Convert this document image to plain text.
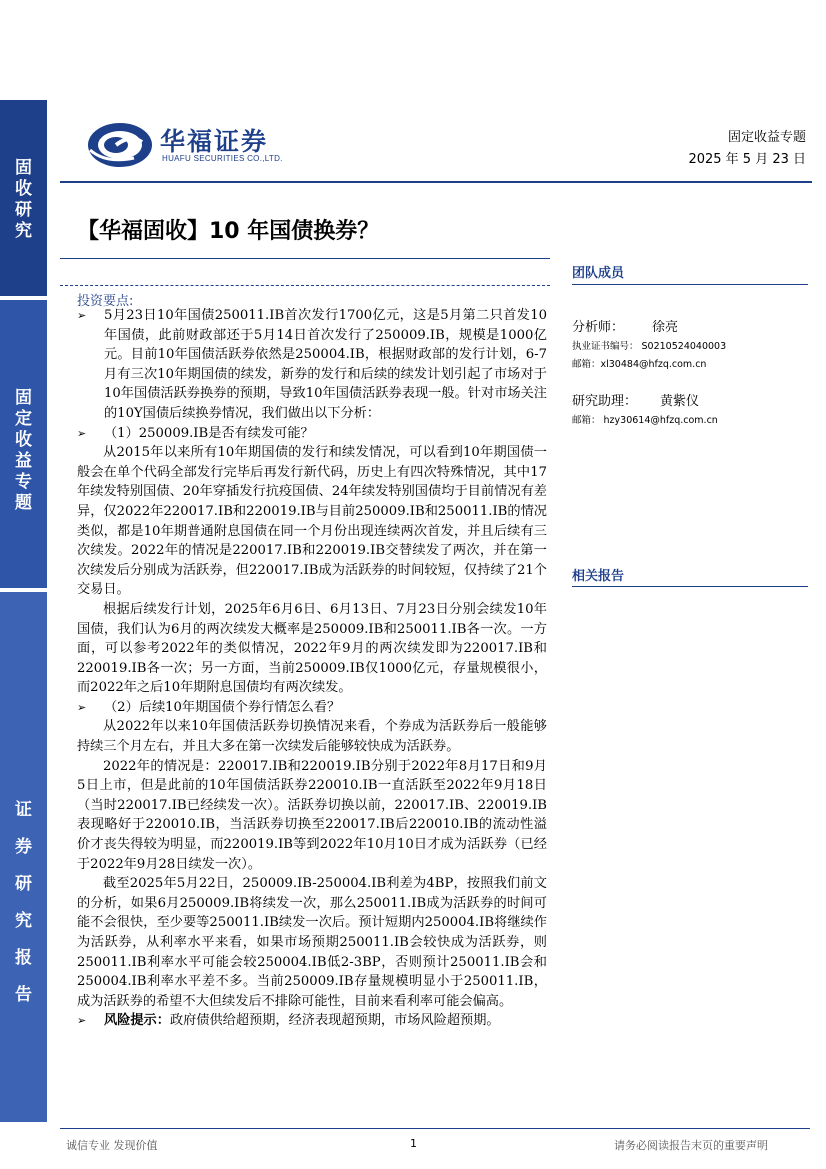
固收研究
固定收益专题
证券研究报告
华福证券
HUAFU SECURITIES CO.,LTD.
固定收益专题
2025 年 5 月 23 日
【华福固收】10 年国债换券？
投资要点:

➢ 5月23日10年国债250011.IB首次发行1700亿元，这是5月第二只首发10年国债，此前财政部还于5月14日首次发行了250009.IB，规模是1000亿元。目前10年国债活跃券依然是250004.IB，根据财政部的发行计划，6-7月有三次10年期国债的续发，新券的发行和后续的续发计划引起了市场对于10年国债活跃券换券的预期，导致10年国债活跃券表现一般。针对市场关注的10Y国债后续换券情况，我们做出以下分析：

➢ （1）250009.IB是否有续发可能？

从2015年以来所有10年期国债的发行和续发情况，可以看到10年期国债一般会在单个代码全部发行完毕后再发行新代码，历史上有四次特殊情况，其中17年续发特别国债、20年穿插发行抗疫国债、24年续发特别国债均于目前情况有差异，仅2022年220017.IB和220019.IB与目前250009.IB和250011.IB的情况类似，都是10年期普通附息国债在同一个月份出现连续两次首发，并且后续有三次续发。2022年的情况是220017.IB和220019.IB交替续发了两次，并在第一次续发后分别成为活跃券，但220017.IB成为活跃券的时间较短，仅持续了21个交易日。

根据后续发行计划，2025年6月6日、6月13日、7月23日分别会续发10年国债，我们认为6月的两次续发大概率是250009.IB和250011.IB各一次。一方面，可以参考2022年的类似情况，2022年9月的两次续发即为220017.IB和220019.IB各一次；另一方面，当前250009.IB仅1000亿元，存量规模很小，而2022年之后10年期附息国债均有两次续发。

➢ （2）后续10年期国债个券行情怎么看？

从2022年以来10年国债活跃券切换情况来看，个券成为活跃券后一般能够持续三个月左右，并且大多在第一次续发后能够较快成为活跃券。

2022年的情况是：220017.IB和220019.IB分别于2022年8月17日和9月5日上市，但是此前的10年国债活跃券220010.IB一直活跃至2022年9月18日（当时220017.IB已经续发一次）。活跃券切换以前，220017.IB、220019.IB表现略好于220010.IB，当活跃券切换至220017.IB后220010.IB的流动性溢价才丧失得较为明显，而220019.IB等到2022年10月10日才成为活跃券（已经于2022年9月28日续发一次）。

截至2025年5月22日，250009.IB-250004.IB利差为4BP，按照我们前文的分析，如果6月250009.IB将续发一次，那么250011.IB成为活跃券的时间可能不会很快，至少要等250011.IB续发一次后。预计短期内250004.IB将继续作为活跃券，从利率水平来看，如果市场预期250011.IB会较快成为活跃券，则250011.IB利率水平可能会较250004.IB低2-3BP，否则预计250011.IB会和250004.IB利率水平差不多。当前250009.IB存量规模明显小于250011.IB，成为活跃券的希望不大但续发后不排除可能性，目前来看利率可能会偏高。

➢ 风险提示：政府债供给超预期，经济表现超预期，市场风险超预期。

团队成员
分析师： 徐亮
执业证书编号： S0210524040003
邮箱：xl30484@hfzq.com.cn
研究助理： 黄紫仪
邮箱： hzy30614@hfzq.com.cn
相关报告
诚信专业 发现价值	1	请务必阅读报告末页的重要声明
